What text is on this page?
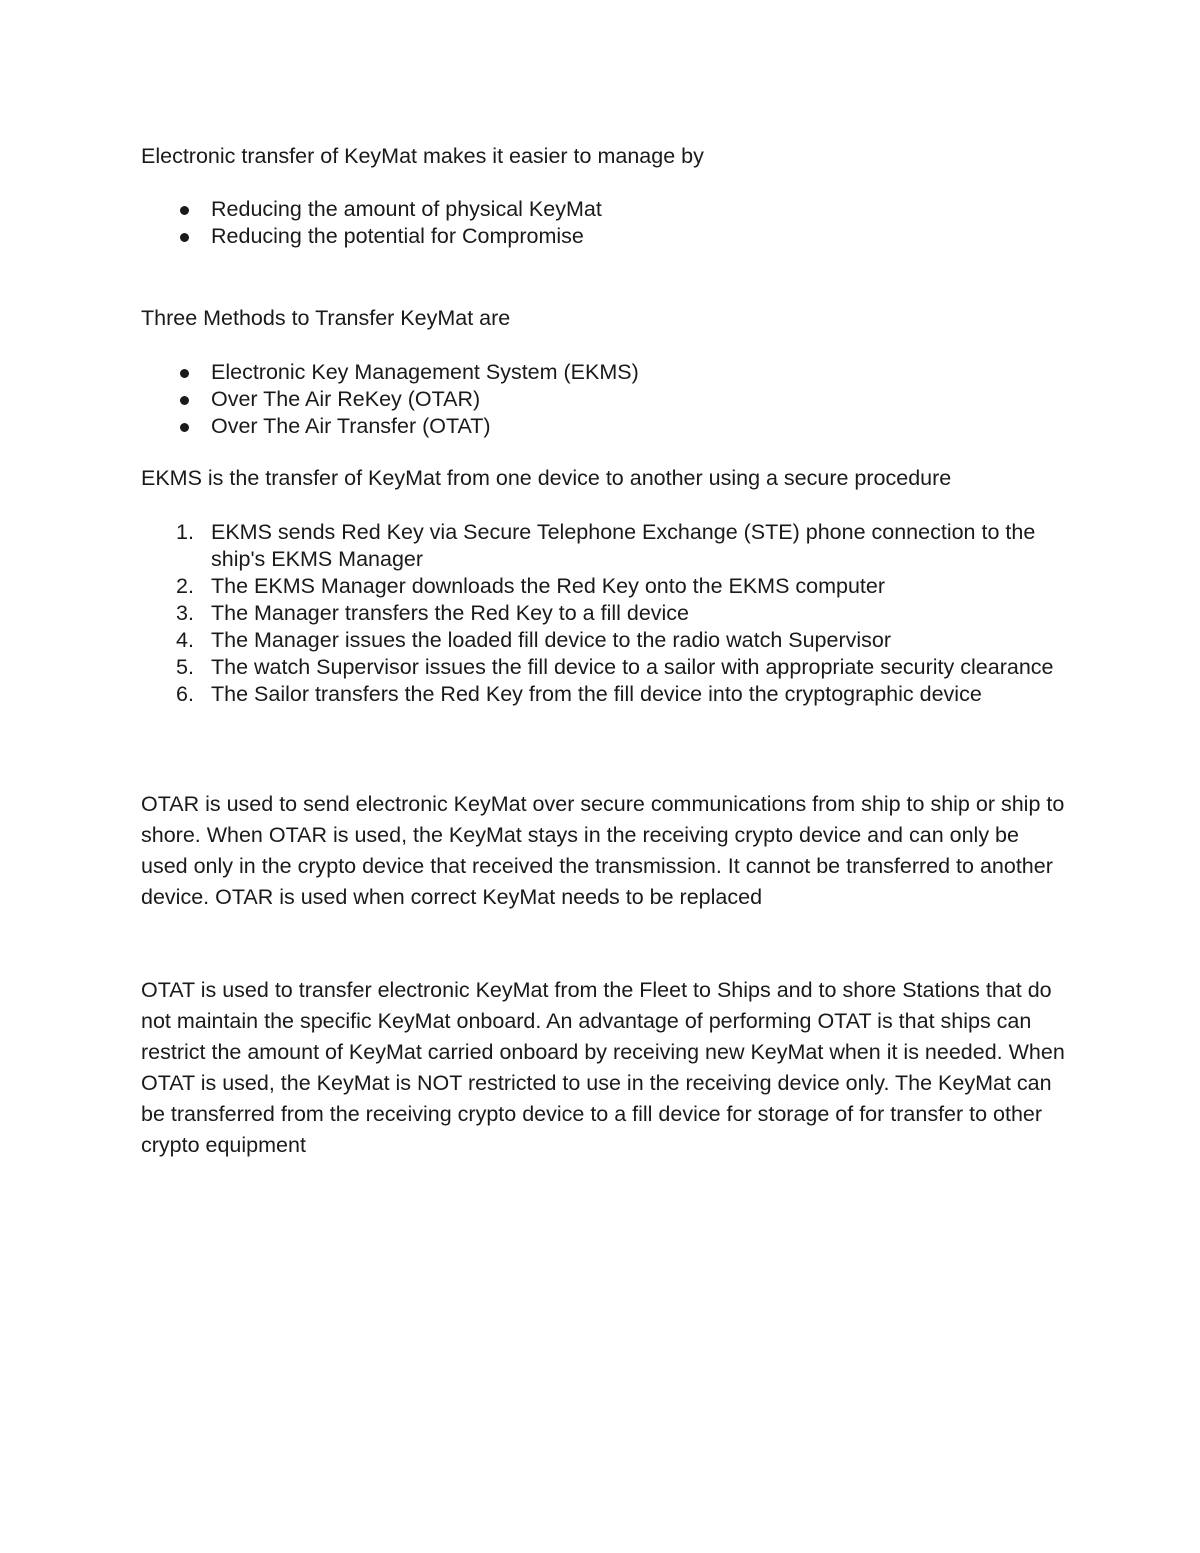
Electronic transfer of KeyMat makes it easier to manage by

Reducing the amount of physical KeyMat
Reducing the potential for Compromise

Three Methods to Transfer KeyMat are

Electronic Key Management System (EKMS)
Over The Air ReKey (OTAR)
Over The Air Transfer (OTAT)

EKMS is the transfer of KeyMat from one device to another using a secure procedure

1. EKMS sends Red Key via Secure Telephone Exchange (STE) phone connection to the ship's EKMS Manager
2. The EKMS Manager downloads the Red Key onto the EKMS computer
3. The Manager transfers the Red Key to a fill device
4. The Manager issues the loaded fill device to the radio watch Supervisor
5. The watch Supervisor issues the fill device to a sailor with appropriate security clearance
6. The Sailor transfers the Red Key from the fill device into the cryptographic device

OTAR is used to send electronic KeyMat over secure communications from ship to ship or ship to shore. When OTAR is used, the KeyMat stays in the receiving crypto device and can only be used only in the crypto device that received the transmission. It cannot be transferred to another device. OTAR is used when correct KeyMat needs to be replaced

OTAT is used to transfer electronic KeyMat from the Fleet to Ships and to shore Stations that do not maintain the specific KeyMat onboard. An advantage of performing OTAT is that ships can restrict the amount of KeyMat carried onboard by receiving new KeyMat when it is needed. When OTAT is used, the KeyMat is NOT restricted to use in the receiving device only. The KeyMat can be transferred from the receiving crypto device to a fill device for storage of for transfer to other crypto equipment
